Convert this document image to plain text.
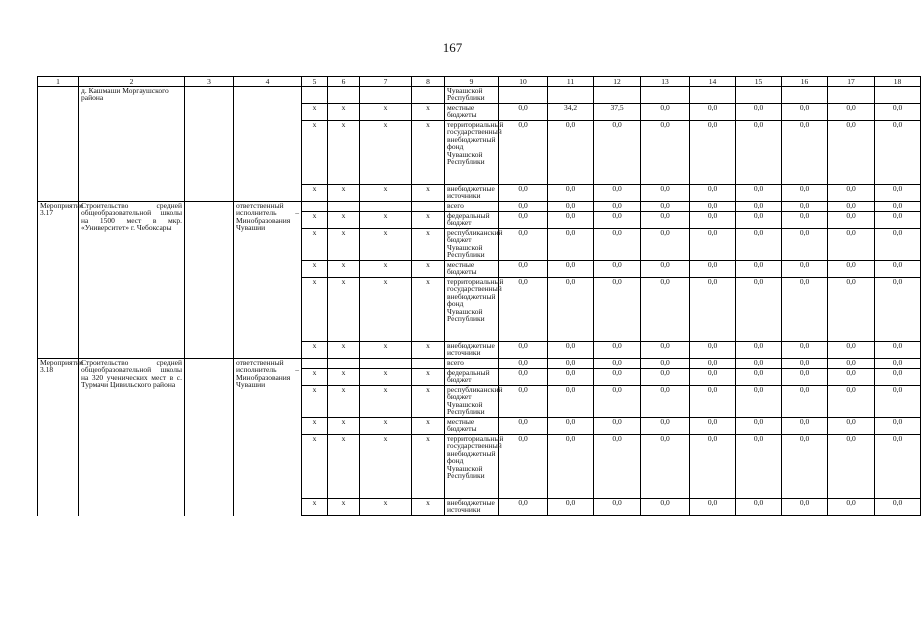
167
1	2	3	4	5	6	7	8	9	10	11	12	13	14	15	16	17	18
	д. Кашмаши Моргаушского района							Чувашской Республики									
				x	x	x	x	местные бюджеты	0,0	34,2	37,5	0,0	0,0	0,0	0,0	0,0	0,0
				x	x	x	x	территориальный государственный внебюджетный фонд Чувашской Республики	0,0	0,0	0,0	0,0	0,0	0,0	0,0	0,0	0,0
				x	x	x	x	внебюджетные источники	0,0	0,0	0,0	0,0	0,0	0,0	0,0	0,0	0,0
Мероприятие 3.17	Строительство средней общеобразовательной школы на 1500 мест в мкр. «Университет» г. Чебоксары		ответственный исполнитель – Минобразования Чувашии					всего	0,0	0,0	0,0	0,0	0,0	0,0	0,0	0,0	0,0
				x	x	x	x	федеральный бюджет	0,0	0,0	0,0	0,0	0,0	0,0	0,0	0,0	0,0
				x	x	x	x	республиканский бюджет Чувашской Республики	0,0	0,0	0,0	0,0	0,0	0,0	0,0	0,0	0,0
				x	x	x	x	местные бюджеты	0,0	0,0	0,0	0,0	0,0	0,0	0,0	0,0	0,0
				x	x	x	x	территориальный государственный внебюджетный фонд Чувашской Республики	0,0	0,0	0,0	0,0	0,0	0,0	0,0	0,0	0,0
				x	x	x	x	внебюджетные источники	0,0	0,0	0,0	0,0	0,0	0,0	0,0	0,0	0,0
Мероприятие 3.18	Строительство средней общеобразовательной школы на 320 ученических мест в с. Турмачи Цивильского района		ответственный исполнитель – Минобразования Чувашии					всего	0,0	0,0	0,0	0,0	0,0	0,0	0,0	0,0	0,0
				x	x	x	x	федеральный бюджет	0,0	0,0	0,0	0,0	0,0	0,0	0,0	0,0	0,0
				x	x	x	x	республиканский бюджет Чувашской Республики	0,0	0,0	0,0	0,0	0,0	0,0	0,0	0,0	0,0
				x	x	x	x	местные бюджеты	0,0	0,0	0,0	0,0	0,0	0,0	0,0	0,0	0,0
				x	x	x	x	территориальный государственный внебюджетный фонд Чувашской Республики	0,0	0,0	0,0	0,0	0,0	0,0	0,0	0,0	0,0
				x	x	x	x	внебюджетные источники	0,0	0,0	0,0	0,0	0,0	0,0	0,0	0,0	0,0
